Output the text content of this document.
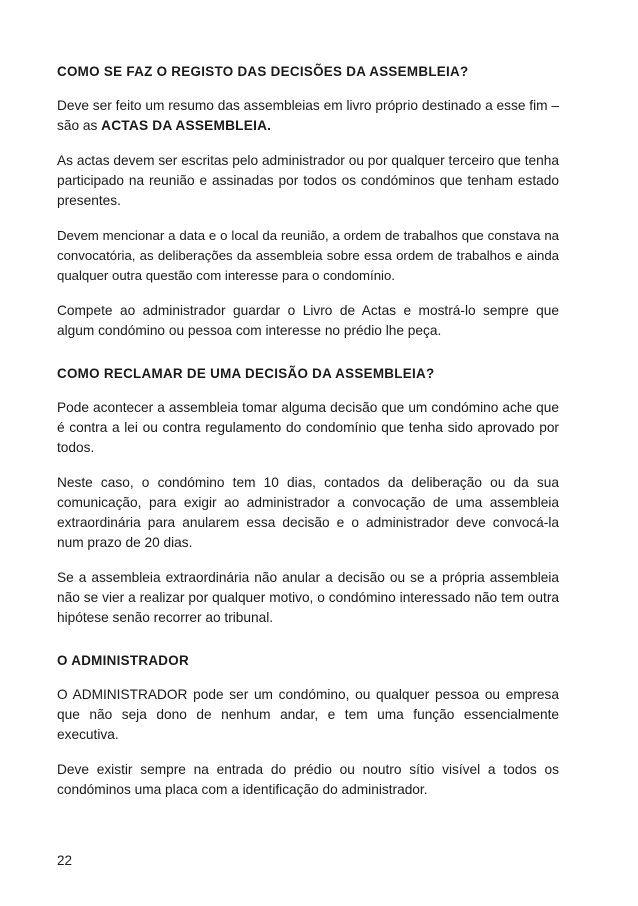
COMO SE FAZ O REGISTO DAS DECISÕES DA ASSEMBLEIA?

Deve ser feito um resumo das assembleias em livro próprio destinado a esse fim – são as ACTAS DA ASSEMBLEIA.

As actas devem ser escritas pelo administrador ou por qualquer terceiro que tenha participado na reunião e assinadas por todos os condóminos que tenham estado presentes.

Devem mencionar a data e o local da reunião, a ordem de trabalhos que constava na convocatória, as deliberações da assembleia sobre essa ordem de trabalhos e ainda qualquer outra questão com interesse para o condomínio.

Compete ao administrador guardar o Livro de Actas e mostrá-lo sempre que algum condómino ou pessoa com interesse no prédio lhe peça.

COMO RECLAMAR DE UMA DECISÃO DA ASSEMBLEIA?

Pode acontecer a assembleia tomar alguma decisão que um condómino ache que é contra a lei ou contra regulamento do condomínio que tenha sido aprovado por todos.

Neste caso, o condómino tem 10 dias, contados da deliberação ou da sua comunicação, para exigir ao administrador a convocação de uma assembleia extraordinária para anularem essa decisão e o administrador deve convocá-la num prazo de 20 dias.

Se a assembleia extraordinária não anular a decisão ou se a própria assembleia não se vier a realizar por qualquer motivo, o condómino interessado não tem outra hipótese senão recorrer ao tribunal.

O ADMINISTRADOR

O ADMINISTRADOR pode ser um condómino, ou qualquer pessoa ou empresa que não seja dono de nenhum andar, e tem uma função essencialmente executiva.

Deve existir sempre na entrada do prédio ou noutro sítio visível a todos os condóminos uma placa com a identificação do administrador.

22
